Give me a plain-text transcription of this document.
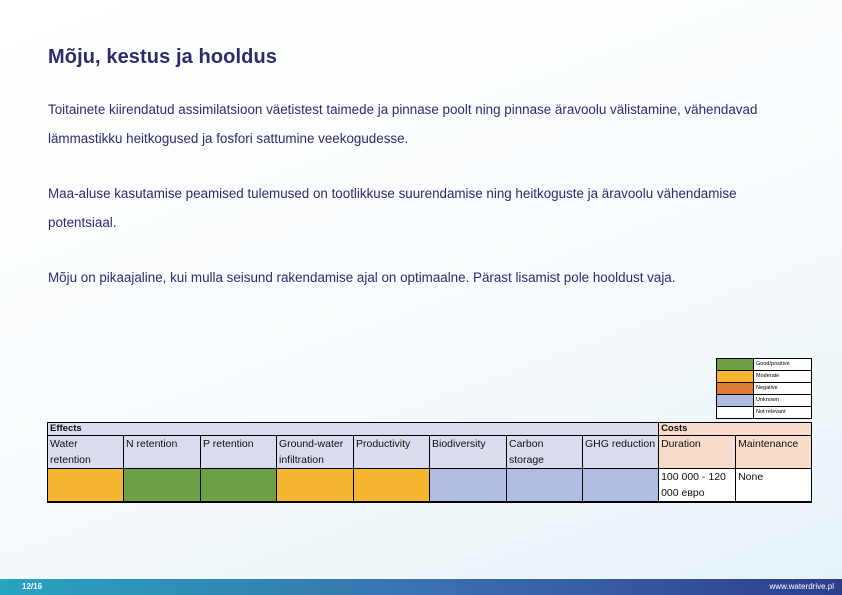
Mõju, kestus ja hooldus
Toitainete kiirendatud assimilatsioon väetistest taimede ja pinnase poolt ning pinnase äravoolu välistamine, vähendavad lämmastikku heitkogused ja fosfori sattumine veekogudesse.
Maa-aluse kasutamise peamised tulemused on tootlikkuse suurendamise ning heitkoguste ja äravoolu vähendamise potentsiaal.
Mõju on pikaajaline, kui mulla seisund rakendamise ajal on optimaalne. Pärast lisamist pole hooldust vaja.
Good/positive
Moderate
Negative
Unknown
Not relevant
Effects								Costs	
Water retention	N retention	P retention	Ground-water infiltration	Productivity	Biodiversity	Carbon storage	GHG reduction	Duration	Maintenance
								100 000 - 120 000 евро	None
12/16	www.waterdrive.pl
